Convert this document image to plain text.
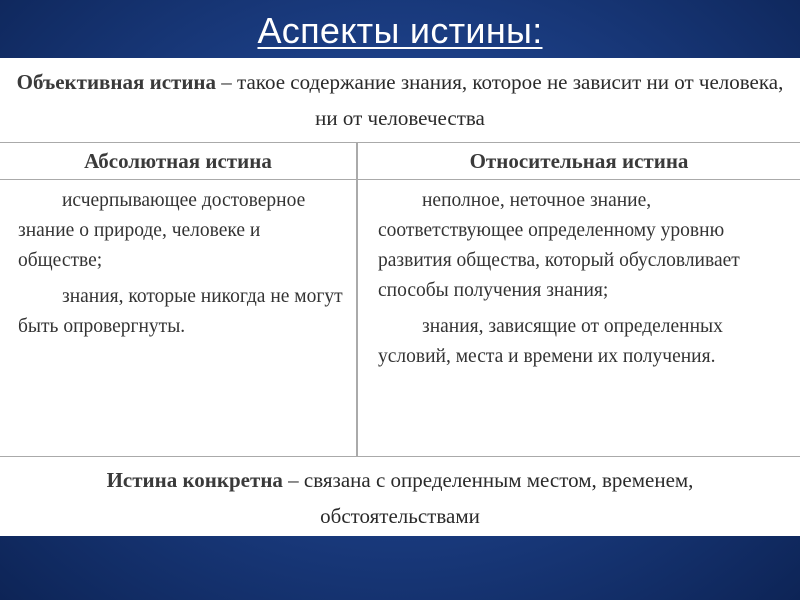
Аспекты истины:

Объективная истина – такое содержание знания, которое не зависит ни от человека, ни от человечества

Абсолютная истина	Относительная истина

исчерпывающее достоверное знание о природе, человеке и обществе;

знания, которые никогда не могут быть опровергнуты.

неполное, неточное знание, соответствующее определенному уровню развития общества, который обусловливает способы получения знания;

знания, зависящие от определенных условий, места и времени их получения.

Истина конкретна – связана с определенным местом, временем, обстоятельствами
